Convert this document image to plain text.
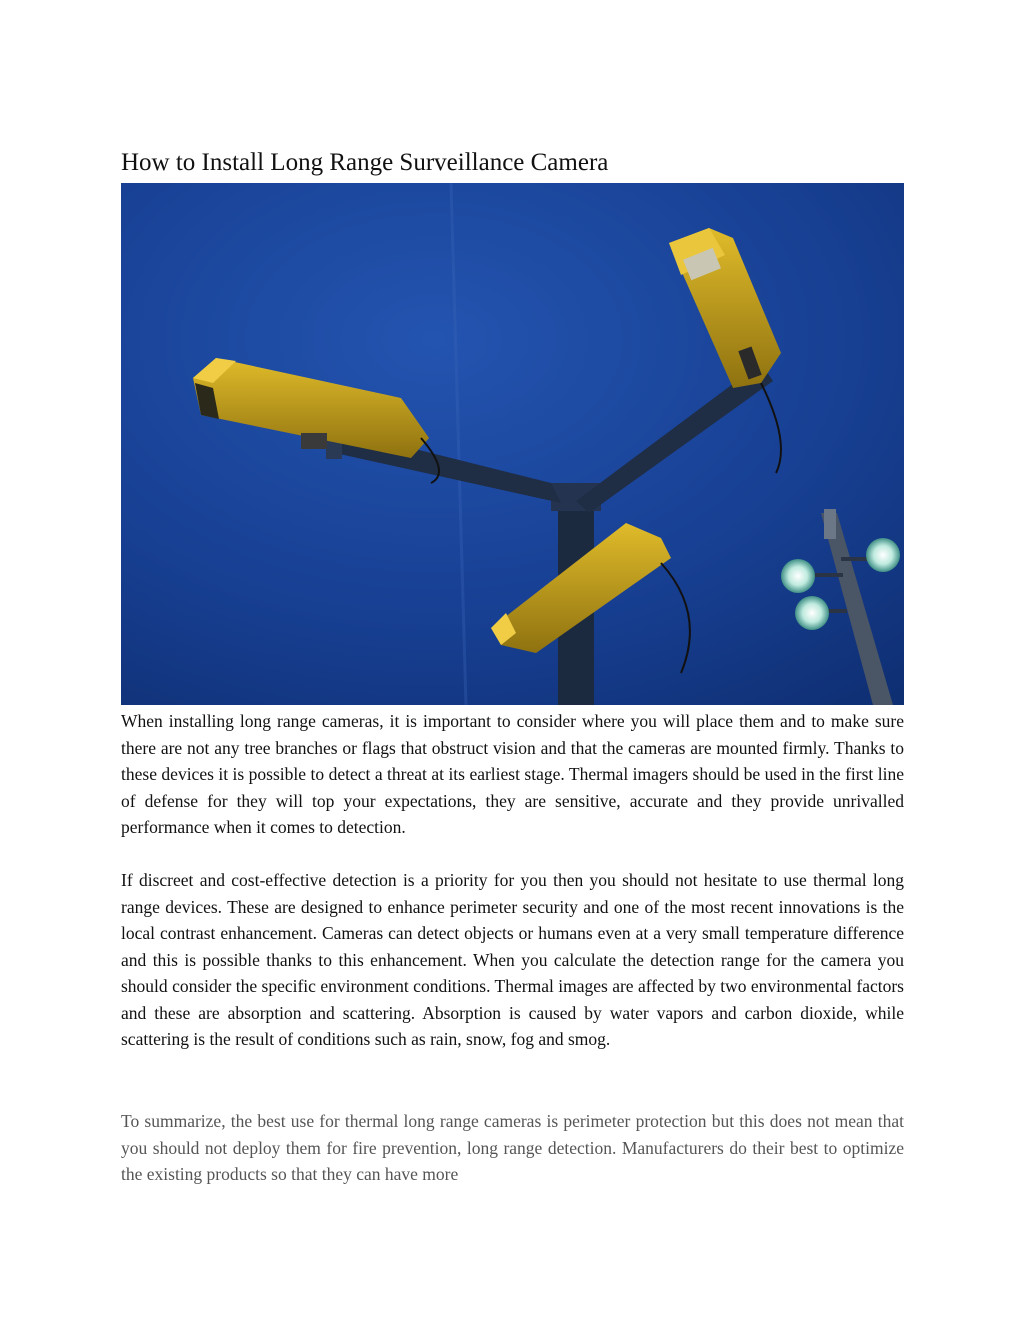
How to Install Long Range Surveillance Camera

When installing long range cameras, it is important to consider where you will place them and to make sure there are not any tree branches or flags that obstruct vision and that the cameras are mounted firmly. Thanks to these devices it is possible to detect a threat at its earliest stage. Thermal imagers should be used in the first line of defense for they will top your expectations, they are sensitive, accurate and they provide unrivalled performance when it comes to detection.

If discreet and cost-effective detection is a priority for you then you should not hesitate to use thermal long range devices. These are designed to enhance perimeter security and one of the most recent innovations is the local contrast enhancement. Cameras can detect objects or humans even at a very small temperature difference and this is possible thanks to this enhancement. When you calculate the detection range for the camera you should consider the specific environment conditions. Thermal images are affected by two environmental factors and these are absorption and scattering. Absorption is caused by water vapors and carbon dioxide, while scattering is the result of conditions such as rain, snow, fog and smog.

To summarize, the best use for thermal long range cameras is perimeter protection but this does not mean that you should not deploy them for fire prevention, long range detection. Manufacturers do their best to optimize the existing products so that they can have more
